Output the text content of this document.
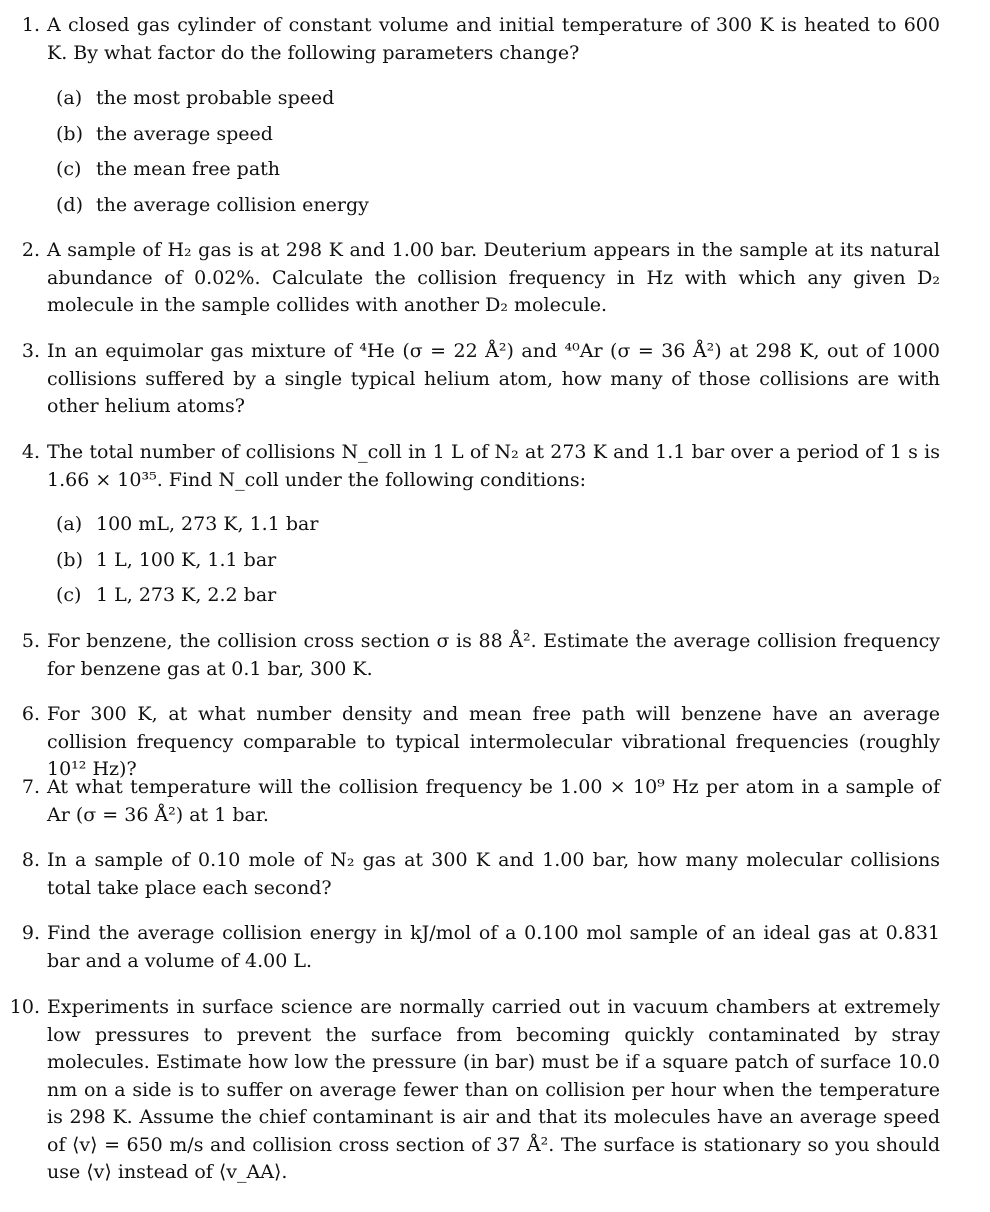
1. A closed gas cylinder of constant volume and initial temperature of 300 K is heated to 600 K. By what factor do the following parameters change?
(a) the most probable speed
(b) the average speed
(c) the mean free path
(d) the average collision energy
2. A sample of H₂ gas is at 298 K and 1.00 bar. Deuterium appears in the sample at its natural abundance of 0.02%. Calculate the collision frequency in Hz with which any given D₂ molecule in the sample collides with another D₂ molecule.
3. In an equimolar gas mixture of ⁴He (σ = 22 Å²) and ⁴⁰Ar (σ = 36 Å²) at 298 K, out of 1000 collisions suffered by a single typical helium atom, how many of those collisions are with other helium atoms?
4. The total number of collisions N_coll in 1 L of N₂ at 273 K and 1.1 bar over a period of 1 s is 1.66 × 10³⁵. Find N_coll under the following conditions:
(a) 100 mL, 273 K, 1.1 bar
(b) 1 L, 100 K, 1.1 bar
(c) 1 L, 273 K, 2.2 bar
5. For benzene, the collision cross section σ is 88 Å². Estimate the average collision frequency for benzene gas at 0.1 bar, 300 K.
6. For 300 K, at what number density and mean free path will benzene have an average collision frequency comparable to typical intermolecular vibrational frequencies (roughly 10¹² Hz)?
7. At what temperature will the collision frequency be 1.00 × 10⁹ Hz per atom in a sample of Ar (σ = 36 Å²) at 1 bar.
8. In a sample of 0.10 mole of N₂ gas at 300 K and 1.00 bar, how many molecular collisions total take place each second?
9. Find the average collision energy in kJ/mol of a 0.100 mol sample of an ideal gas at 0.831 bar and a volume of 4.00 L.
10. Experiments in surface science are normally carried out in vacuum chambers at extremely low pressures to prevent the surface from becoming quickly contaminated by stray molecules. Estimate how low the pressure (in bar) must be if a square patch of surface 10.0 nm on a side is to suffer on average fewer than on collision per hour when the temperature is 298 K. Assume the chief contaminant is air and that its molecules have an average speed of ⟨v⟩ = 650 m/s and collision cross section of 37 Å². The surface is stationary so you should use ⟨v⟩ instead of ⟨v_AA⟩.
